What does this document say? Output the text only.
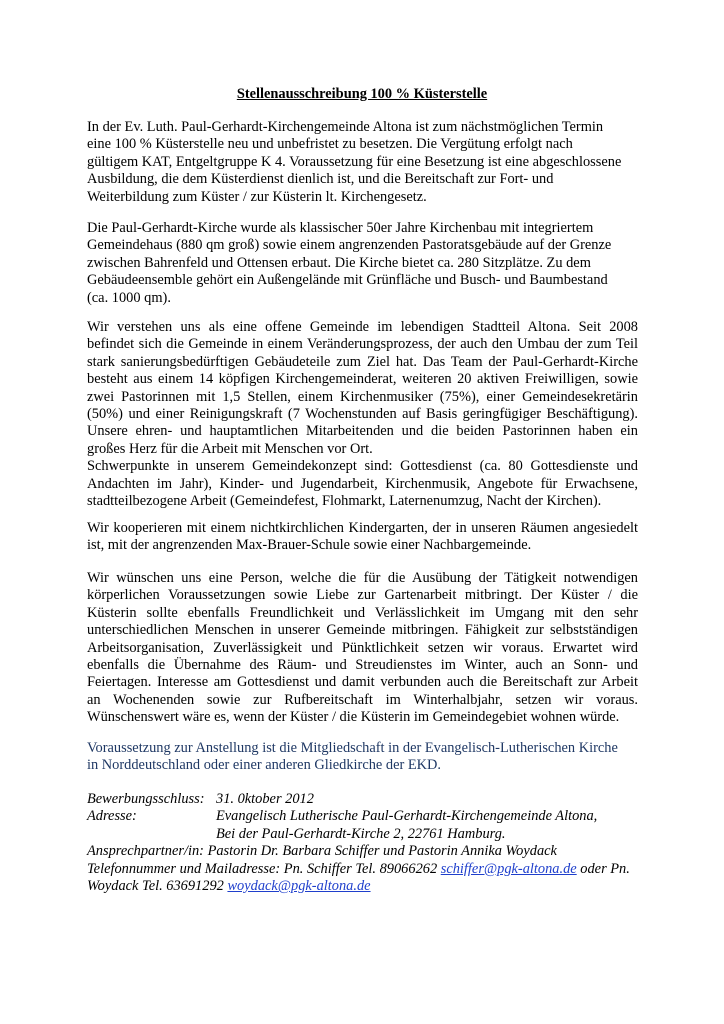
Stellenausschreibung 100 % Küsterstelle

In der Ev. Luth. Paul-Gerhardt-Kirchengemeinde Altona ist zum nächstmöglichen Termin
eine 100 % Küsterstelle neu und unbefristet zu besetzen. Die Vergütung erfolgt nach
gültigem KAT, Entgeltgruppe K 4. Voraussetzung für eine Besetzung ist eine abgeschlossene
Ausbildung, die dem Küsterdienst dienlich ist, und die Bereitschaft zur Fort- und
Weiterbildung zum Küster / zur Küsterin lt. Kirchengesetz.

Die Paul-Gerhardt-Kirche wurde als klassischer 50er Jahre Kirchenbau mit integriertem
Gemeindehaus (880 qm groß) sowie einem angrenzenden Pastoratsgebäude auf der Grenze
zwischen Bahrenfeld und Ottensen erbaut. Die Kirche bietet ca. 280 Sitzplätze. Zu dem
Gebäudeensemble gehört ein Außengelände mit Grünfläche und Busch- und Baumbestand
(ca. 1000 qm).

Wir verstehen uns als eine offene Gemeinde im lebendigen Stadtteil Altona. Seit 2008
befindet sich die Gemeinde in einem Veränderungsprozess, der auch den Umbau der zum Teil
stark sanierungsbedürftigen Gebäudeteile zum Ziel hat. Das Team der Paul-Gerhardt-Kirche
besteht aus einem 14 köpfigen Kirchengemeinderat, weiteren 20 aktiven Freiwilligen, sowie
zwei Pastorinnen mit 1,5 Stellen, einem Kirchenmusiker (75%), einer Gemeindesekretärin
(50%) und einer Reinigungskraft (7 Wochenstunden auf Basis geringfügiger Beschäftigung).
Unsere ehren- und hauptamtlichen Mitarbeitenden und die beiden Pastorinnen haben ein
großes Herz für die Arbeit mit Menschen vor Ort.
Schwerpunkte in unserem Gemeindekonzept sind: Gottesdienst (ca. 80 Gottesdienste und
Andachten im Jahr), Kinder- und Jugendarbeit, Kirchenmusik, Angebote für Erwachsene,
stadtteilbezogene Arbeit (Gemeindefest, Flohmarkt, Laternenumzug, Nacht der Kirchen).

Wir kooperieren mit einem nichtkirchlichen Kindergarten, der in unseren Räumen angesiedelt
ist, mit der angrenzenden Max-Brauer-Schule sowie einer Nachbargemeinde.

Wir wünschen uns eine Person, welche die für die Ausübung der Tätigkeit notwendigen
körperlichen Voraussetzungen sowie Liebe zur Gartenarbeit mitbringt. Der Küster / die
Küsterin sollte ebenfalls Freundlichkeit und Verlässlichkeit im Umgang mit den sehr
unterschiedlichen Menschen in unserer Gemeinde mitbringen. Fähigkeit zur selbstständigen
Arbeitsorganisation, Zuverlässigkeit und Pünktlichkeit setzen wir voraus. Erwartet wird
ebenfalls die Übernahme des Räum- und Streudienstes im Winter, auch an Sonn- und
Feiertagen. Interesse am Gottesdienst und damit verbunden auch die Bereitschaft zur Arbeit
an Wochenenden sowie zur Rufbereitschaft im Winterhalbjahr, setzen wir voraus.
Wünschenswert wäre es, wenn der Küster / die Küsterin im Gemeindegebiet wohnen würde.

Voraussetzung zur Anstellung ist die Mitgliedschaft in der Evangelisch-Lutherischen Kirche
in Norddeutschland oder einer anderen Gliedkirche der EKD.

Bewerbungsschluss: 31. 0ktober 2012
Adresse:	Evangelisch Lutherische Paul-Gerhardt-Kirchengemeinde Altona,
Bei der Paul-Gerhardt-Kirche 2, 22761 Hamburg.
Ansprechpartner/in: Pastorin Dr. Barbara Schiffer und Pastorin Annika Woydack
Telefonnummer und Mailadresse: Pn. Schiffer Tel. 89066262 schiffer@pgk-altona.de oder Pn.
Woydack Tel. 63691292 woydack@pgk-altona.de
